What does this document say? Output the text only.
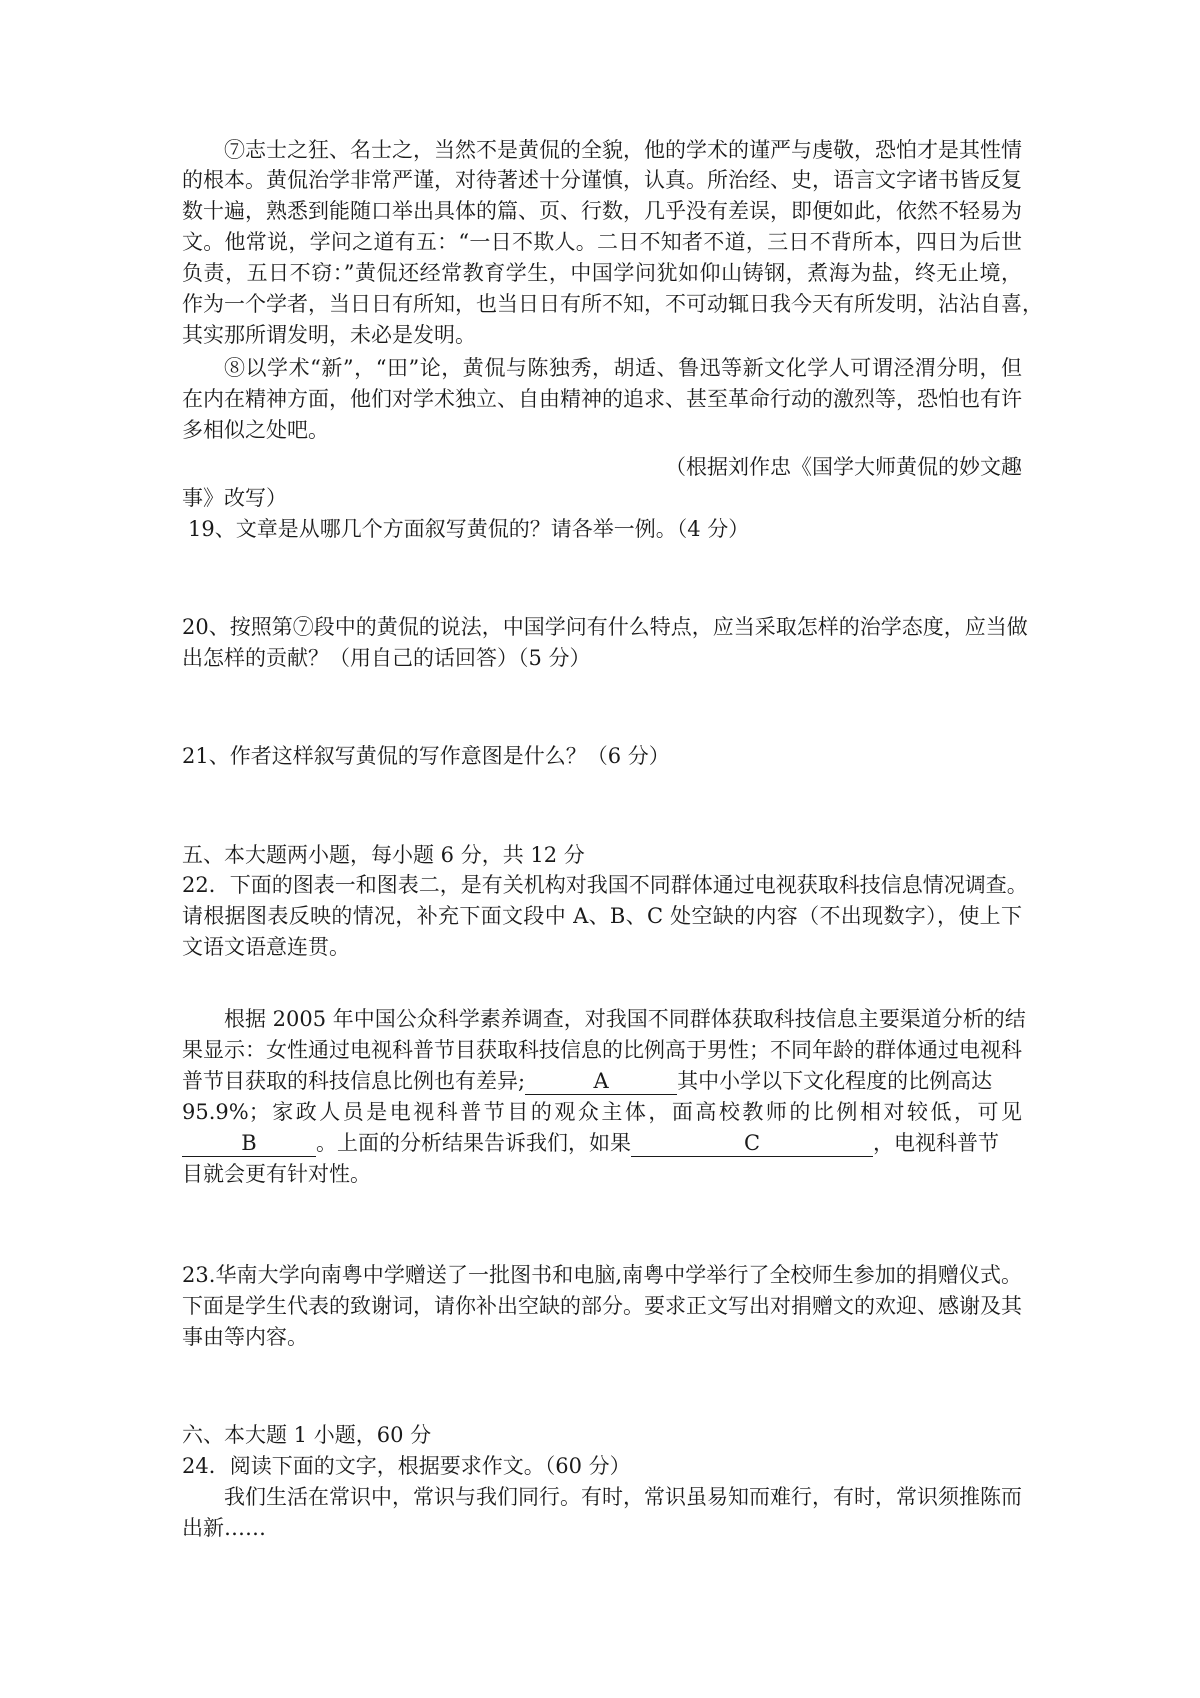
⑦志士之狂、名士之，当然不是黄侃的全貌，他的学术的谨严与虔敬，恐怕才是其性情
的根本。黄侃治学非常严谨，对待著述十分谨慎，认真。所治经、史，语言文字诸书皆反复
数十遍，熟悉到能随口举出具体的篇、页、行数，几乎没有差误，即便如此，依然不轻易为
文。他常说，学问之道有五：“一日不欺人。二日不知者不道，三日不背所本，四日为后世
负责，五日不窃：”黄侃还经常教育学生，中国学问犹如仰山铸钢，煮海为盐，终无止境，
作为一个学者，当日日有所知，也当日日有所不知，不可动辄日我今天有所发明，沾沾自喜，
其实那所谓发明，未必是发明。
⑧以学术“新”，“田”论，黄侃与陈独秀，胡适、鲁迅等新文化学人可谓泾渭分明，但
在内在精神方面，他们对学术独立、自由精神的追求、甚至革命行动的激烈等，恐怕也有许
多相似之处吧。
（根据刘作忠《国学大师黄侃的妙文趣
事》改写）
19、文章是从哪几个方面叙写黄侃的？请各举一例。（4 分）
20、按照第⑦段中的黄侃的说法，中国学问有什么特点，应当采取怎样的治学态度，应当做
出怎样的贡献？（用自己的话回答）（5 分）
21、作者这样叙写黄侃的写作意图是什么？（6 分）
五、本大题两小题，每小题 6 分，共 12 分
22．下面的图表一和图表二，是有关机构对我国不同群体通过电视获取科技信息情况调查。
请根据图表反映的情况，补充下面文段中 A、B、C 处空缺的内容（不出现数字），使上下
文语文语意连贯。
根据 2005 年中国公众科学素养调查，对我国不同群体获取科技信息主要渠道分析的结
果显示：女性通过电视科普节目获取科技信息的比例高于男性；不同年龄的群体通过电视科
普节目获取的科技信息比例也有差异;	A	其中小学以下文化程度的比例高达
95.9%；家政人员是电视科普节目的观众主体，面高校教师的比例相对较低，可见
B	。上面的分析结果告诉我们，如果	C	，电视科普节
目就会更有针对性。
23.华南大学向南粤中学赠送了一批图书和电脑,南粤中学举行了全校师生参加的捐赠仪式。
下面是学生代表的致谢词，请你补出空缺的部分。要求正文写出对捐赠文的欢迎、感谢及其
事由等内容。
六、本大题 1 小题，60 分
24．阅读下面的文字，根据要求作文。（60 分）
我们生活在常识中，常识与我们同行。有时，常识虽易知而难行，有时，常识须推陈而
出新……
